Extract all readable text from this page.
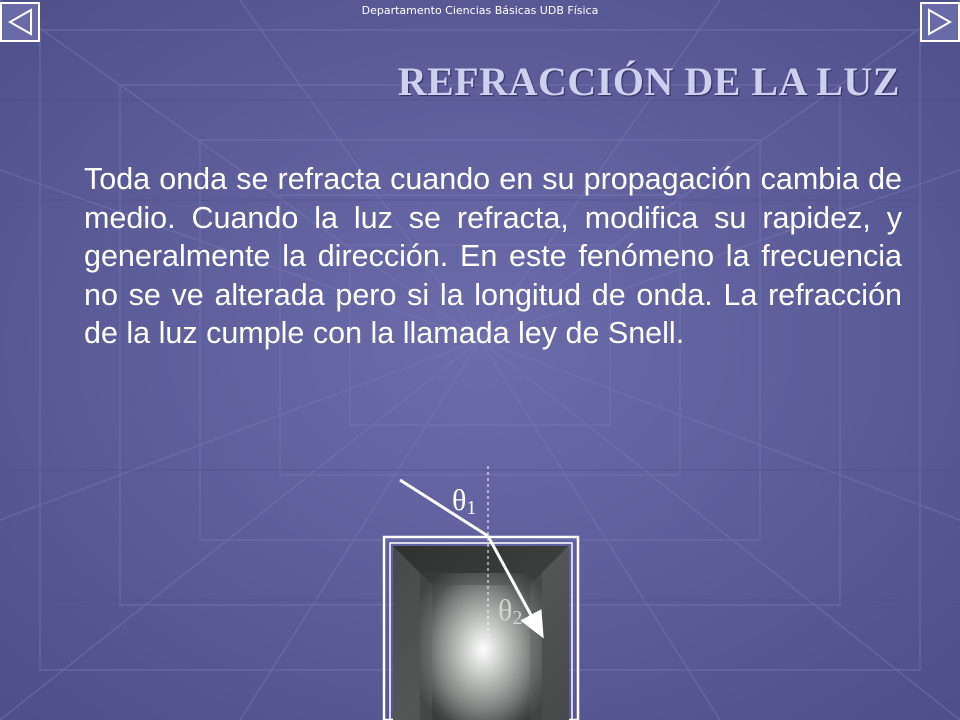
Departamento Ciencias Básicas UDB Física
REFRACCIÓN DE LA LUZ

Toda onda se refracta cuando en su propagación cambia de medio. Cuando la luz se refracta, modifica su rapidez, y generalmente la dirección. En este fenómeno la frecuencia no se ve alterada pero si la longitud de onda. La refracción de la luz cumple con la llamada ley de Snell.

θ1
θ2
